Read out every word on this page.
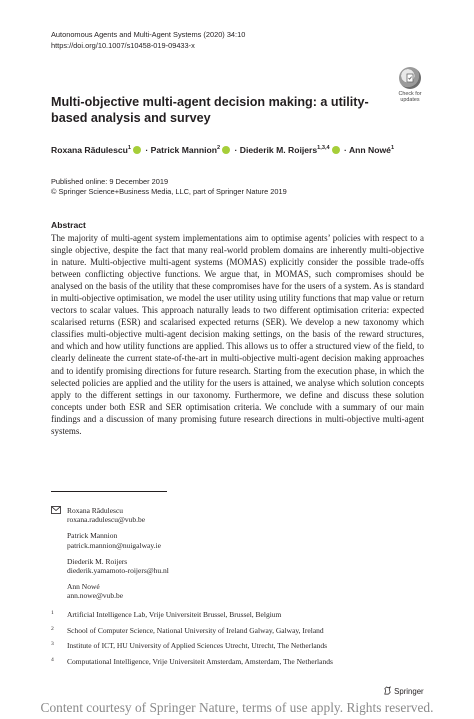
Autonomous Agents and Multi-Agent Systems (2020) 34:10
https://doi.org/10.1007/s10458-019-09433-x
Check for
updates
Multi-objective multi-agent decision making: a utility-based analysis and survey
Roxana Rădulescu$^1$ · Patrick Mannion$^2$ · Diederik M. Roijers$^{1,3,4}$ · Ann Nowé$^1$
Published online: 9 December 2019
© Springer Science+Business Media, LLC, part of Springer Nature 2019
Abstract
The majority of multi-agent system implementations aim to optimise agents’ policies with respect to a single objective, despite the fact that many real-world problem domains are inherently multi-objective in nature. Multi-objective multi-agent systems (MOMAS) explicitly consider the possible trade-offs between conflicting objective functions. We argue that, in MOMAS, such compromises should be analysed on the basis of the utility that these compromises have for the users of a system. As is standard in multi-objective optimisation, we model the user utility using utility functions that map value or return vectors to scalar values. This approach naturally leads to two different optimisation criteria: expected scalarised returns (ESR) and scalarised expected returns (SER). We develop a new taxonomy which classifies multi-objective multi-agent decision making settings, on the basis of the reward structures, and which and how utility functions are applied. This allows us to offer a structured view of the field, to clearly delineate the current state-of-the-art in multi-objective multi-agent decision making approaches and to identify promising directions for future research. Starting from the execution phase, in which the selected policies are applied and the utility for the users is attained, we analyse which solution concepts apply to the different settings in our taxonomy. Furthermore, we define and discuss these solution concepts under both ESR and SER optimisation criteria. We conclude with a summary of our main findings and a discussion of many promising future research directions in multi-objective multi-agent systems.
Roxana Rădulescu
roxana.radulescu@vub.be
Patrick Mannion
patrick.mannion@nuigalway.ie
Diederik M. Roijers
diederik.yamamoto-roijers@hu.nl
Ann Nowé
ann.nowe@vub.be
1 Artificial Intelligence Lab, Vrije Universiteit Brussel, Brussel, Belgium
2 School of Computer Science, National University of Ireland Galway, Galway, Ireland
3 Institute of ICT, HU University of Applied Sciences Utrecht, Utrecht, The Netherlands
4 Computational Intelligence, Vrije Universiteit Amsterdam, Amsterdam, The Netherlands
Springer
Content courtesy of Springer Nature, terms of use apply. Rights reserved.
